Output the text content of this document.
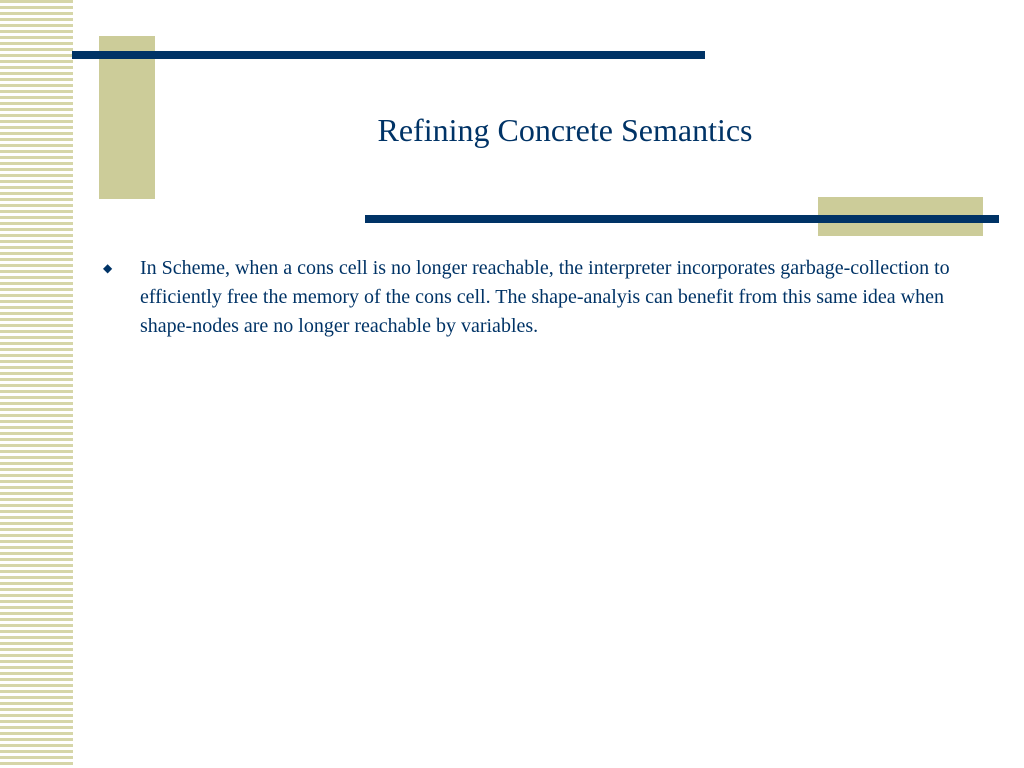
Refining Concrete Semantics
◆	In Scheme, when a cons cell is no longer reachable, the interpreter incorporates garbage-collection to efficiently free the memory of the cons cell. The shape-analyis can benefit from this same idea when shape-nodes are no longer reachable by variables.
